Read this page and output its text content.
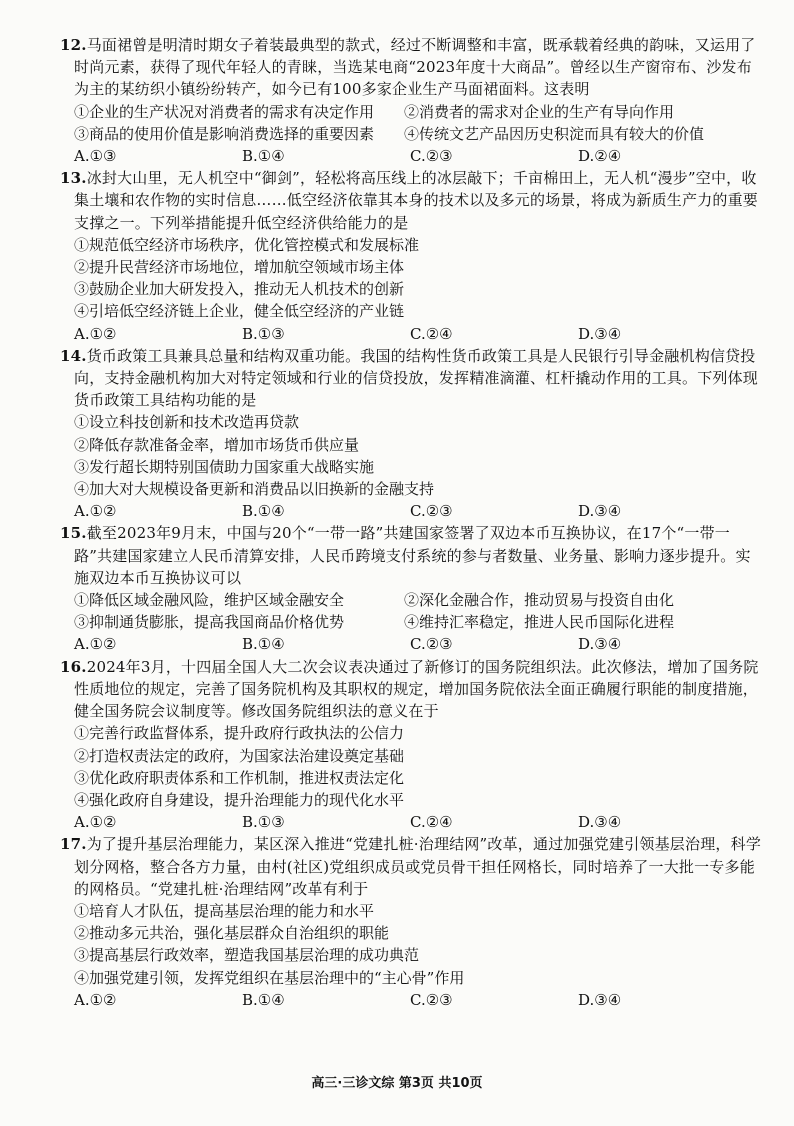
12.马面裙曾是明清时期女子着装最典型的款式，经过不断调整和丰富，既承载着经典的韵味，又运用了时尚元素，获得了现代年轻人的青睐，当选某电商“2023年度十大商品”。曾经以生产窗帘布、沙发布为主的某纺织小镇纷纷转产，如今已有100多家企业生产马面裙面料。这表明

①企业的生产状况对消费者的需求有决定作用	②消费者的需求对企业的生产有导向作用
③商品的使用价值是影响消费选择的重要因素	④传统文艺产品因历史积淀而具有较大的价值
A.①③	B.①④	C.②③	D.②④

13.冰封大山里，无人机空中“御剑”，轻松将高压线上的冰层敲下；千亩棉田上，无人机“漫步”空中，收集土壤和农作物的实时信息……低空经济依靠其本身的技术以及多元的场景，将成为新质生产力的重要支撑之一。下列举措能提升低空经济供给能力的是

①规范低空经济市场秩序，优化管控模式和发展标准

②提升民营经济市场地位，增加航空领域市场主体

③鼓励企业加大研发投入，推动无人机技术的创新

④引培低空经济链上企业，健全低空经济的产业链

A.①②	B.①③	C.②④	D.③④

14.货币政策工具兼具总量和结构双重功能。我国的结构性货币政策工具是人民银行引导金融机构信贷投向，支持金融机构加大对特定领域和行业的信贷投放，发挥精准滴灌、杠杆撬动作用的工具。下列体现货币政策工具结构功能的是

①设立科技创新和技术改造再贷款

②降低存款准备金率，增加市场货币供应量

③发行超长期特别国债助力国家重大战略实施

④加大对大规模设备更新和消费品以旧换新的金融支持

A.①②	B.①④	C.②③	D.③④

15.截至2023年9月末，中国与20个“一带一路”共建国家签署了双边本币互换协议，在17个“一带一路”共建国家建立人民币清算安排，人民币跨境支付系统的参与者数量、业务量、影响力逐步提升。实施双边本币互换协议可以

①降低区域金融风险，维护区域金融安全	②深化金融合作，推动贸易与投资自由化
③抑制通货膨胀，提高我国商品价格优势	④维持汇率稳定，推进人民币国际化进程
A.①②	B.①④	C.②③	D.③④

16.2024年3月，十四届全国人大二次会议表决通过了新修订的国务院组织法。此次修法，增加了国务院性质地位的规定，完善了国务院机构及其职权的规定，增加国务院依法全面正确履行职能的制度措施，健全国务院会议制度等。修改国务院组织法的意义在于

①完善行政监督体系，提升政府行政执法的公信力

②打造权责法定的政府，为国家法治建设奠定基础

③优化政府职责体系和工作机制，推进权责法定化

④强化政府自身建设，提升治理能力的现代化水平

A.①②	B.①③	C.②④	D.③④

17.为了提升基层治理能力，某区深入推进“党建扎桩·治理结网”改革，通过加强党建引领基层治理，科学划分网格，整合各方力量，由村(社区)党组织成员或党员骨干担任网格长，同时培养了一大批一专多能的网格员。“党建扎桩·治理结网”改革有利于

①培育人才队伍，提高基层治理的能力和水平

②推动多元共治，强化基层群众自治组织的职能

③提高基层行政效率，塑造我国基层治理的成功典范

④加强党建引领，发挥党组织在基层治理中的“主心骨”作用

A.①②	B.①④	C.②③	D.③④
高三·三诊文综 第3页 共10页
